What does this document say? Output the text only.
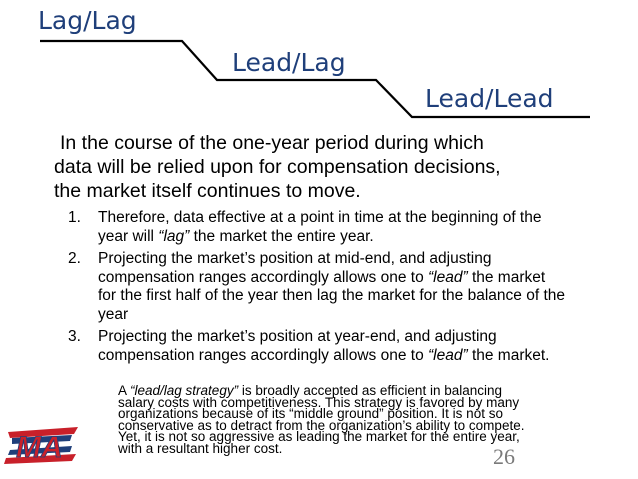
Lag/Lag
Lead/Lag
Lead/Lead
In the course of the one-year period during which
data will be relied upon for compensation decisions,
the market itself continues to move.
1. Therefore, data effective at a point in time at the beginning of the
year will “lag” the market the entire year.
2. Projecting the market’s position at mid-end, and adjusting
compensation ranges accordingly allows one to “lead” the market
for the first half of the year then lag the market for the balance of the
year
3. Projecting the market’s position at year-end, and adjusting
compensation ranges accordingly allows one to “lead” the market.
A “lead/lag strategy” is broadly accepted as efficient in balancing
salary costs with competitiveness. This strategy is favored by many
organizations because of its “middle ground” position. It is not so
conservative as to detract from the organization’s ability to compete.
Yet, it is not so aggressive as leading the market for the entire year,
with a resultant higher cost.	26
MA
